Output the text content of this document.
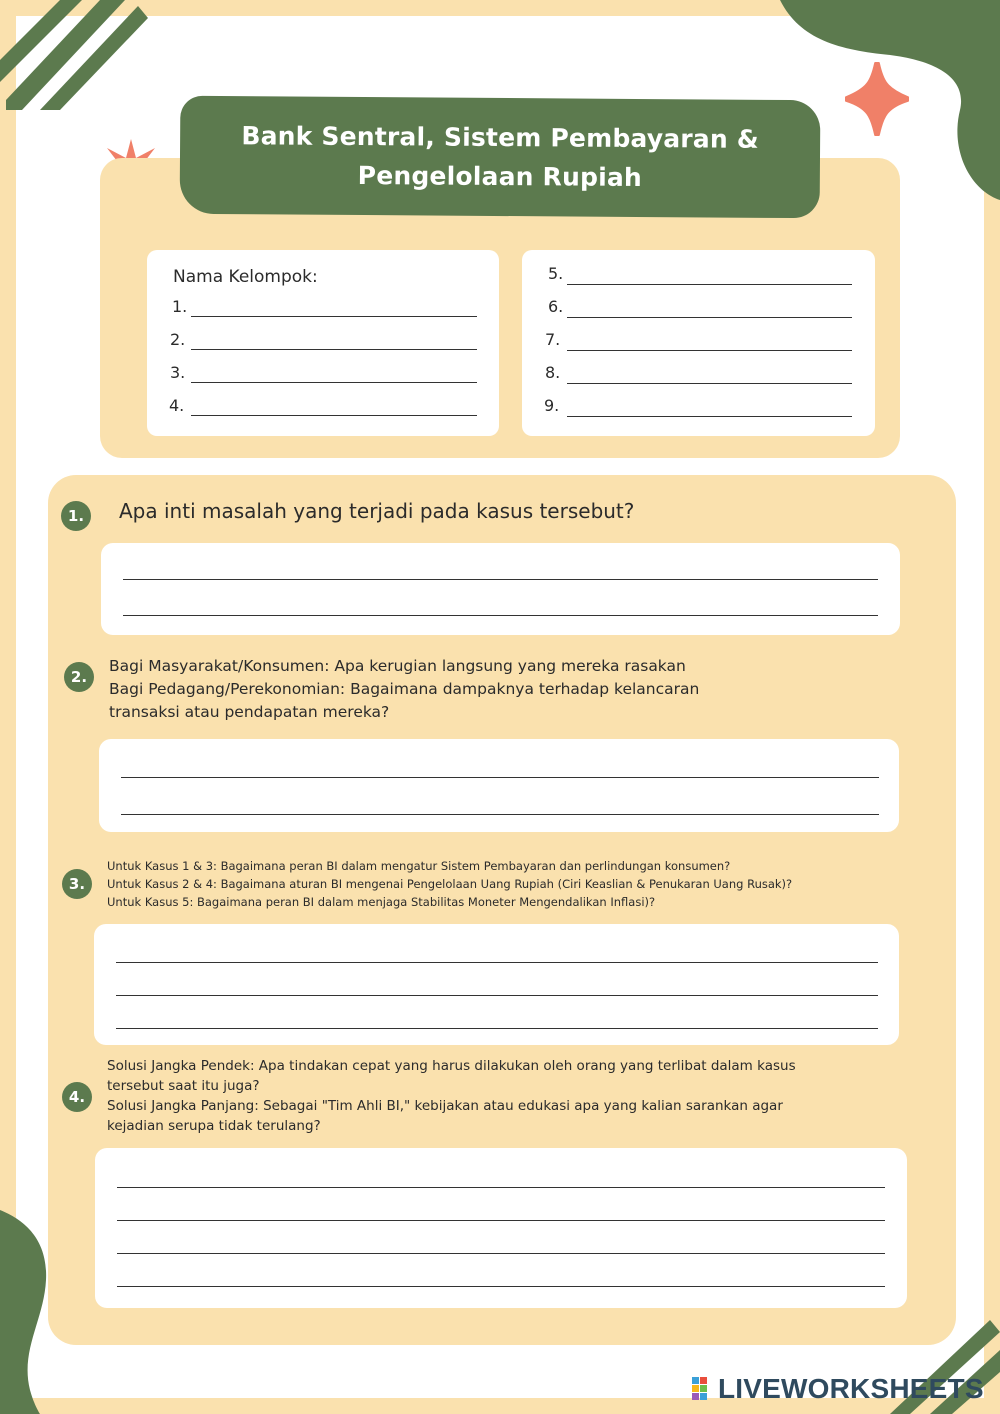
Bank Sentral, Sistem Pembayaran &
Pengelolaan Rupiah
Nama Kelompok:
1.
2.
3.
4.
5.
6.
7.
8.
9.
1.	Apa inti masalah yang terjadi pada kasus tersebut?
2.
Bagi Masyarakat/Konsumen: Apa kerugian langsung yang mereka rasakan
Bagi Pedagang/Perekonomian: Bagaimana dampaknya terhadap kelancaran
transaksi atau pendapatan mereka?
3.
Untuk Kasus 1 & 3: Bagaimana peran BI dalam mengatur Sistem Pembayaran dan perlindungan konsumen?
Untuk Kasus 2 & 4: Bagaimana aturan BI mengenai Pengelolaan Uang Rupiah (Ciri Keaslian & Penukaran Uang Rusak)?
Untuk Kasus 5: Bagaimana peran BI dalam menjaga Stabilitas Moneter Mengendalikan Inflasi)?
4.
Solusi Jangka Pendek: Apa tindakan cepat yang harus dilakukan oleh orang yang terlibat dalam kasus
tersebut saat itu juga?
Solusi Jangka Panjang: Sebagai "Tim Ahli BI," kebijakan atau edukasi apa yang kalian sarankan agar
kejadian serupa tidak terulang?
LIVEWORKSHEETS
